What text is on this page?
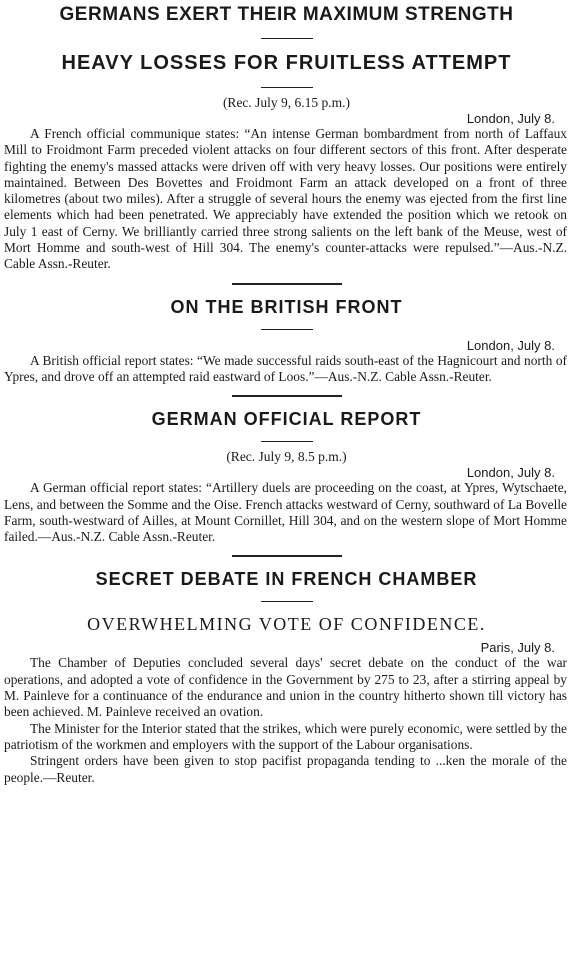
GERMANS EXERT THEIR MAXIMUM STRENGTH
HEAVY LOSSES FOR FRUITLESS ATTEMPT
(Rec. July 9, 6.15 p.m.)
London, July 8.

A French official communique states: “An intense German bombardment from north of Laffaux Mill to Froidmont Farm preceded violent attacks on four different sectors of this front. After desperate fighting the enemy's massed attacks were driven off with very heavy losses. Our positions were entirely maintained. Between Des Bovettes and Froidmont Farm an attack developed on a front of three kilometres (about two miles). After a struggle of several hours the enemy was ejected from the first line elements which had been penetrated. We appreciably have extended the position which we retook on July 1 east of Cerny. We brilliantly carried three strong salients on the left bank of the Meuse, west of Mort Homme and south-west of Hill 304. The enemy's counter-attacks were repulsed.”—Aus.-N.Z. Cable Assn.-Reuter.

ON THE BRITISH FRONT
London, July 8.

A British official report states: “We made successful raids south-east of the Hagnicourt and north of Ypres, and drove off an attempted raid eastward of Loos.”—Aus.-N.Z. Cable Assn.-Reuter.

GERMAN OFFICIAL REPORT
(Rec. July 9, 8.5 p.m.)
London, July 8.

A German official report states: “Artillery duels are proceeding on the coast, at Ypres, Wytschaete, Lens, and between the Somme and the Oise. French attacks westward of Cerny, southward of La Bovelle Farm, south-westward of Ailles, at Mount Cornillet, Hill 304, and on the western slope of Mort Homme failed.—Aus.-N.Z. Cable Assn.-Reuter.

SECRET DEBATE IN FRENCH CHAMBER
OVERWHELMING VOTE OF CONFIDENCE.
Paris, July 8.

The Chamber of Deputies concluded several days' secret debate on the conduct of the war operations, and adopted a vote of confidence in the Government by 275 to 23, after a stirring appeal by M. Painleve for a continuance of the endurance and union in the country hitherto shown till victory has been achieved. M. Painleve received an ovation.

The Minister for the Interior stated that the strikes, which were purely economic, were settled by the patriotism of the workmen and employers with the support of the Labour organisations.

Stringent orders have been given to stop pacifist propaganda tending to ...ken the morale of the people.—Reuter.
